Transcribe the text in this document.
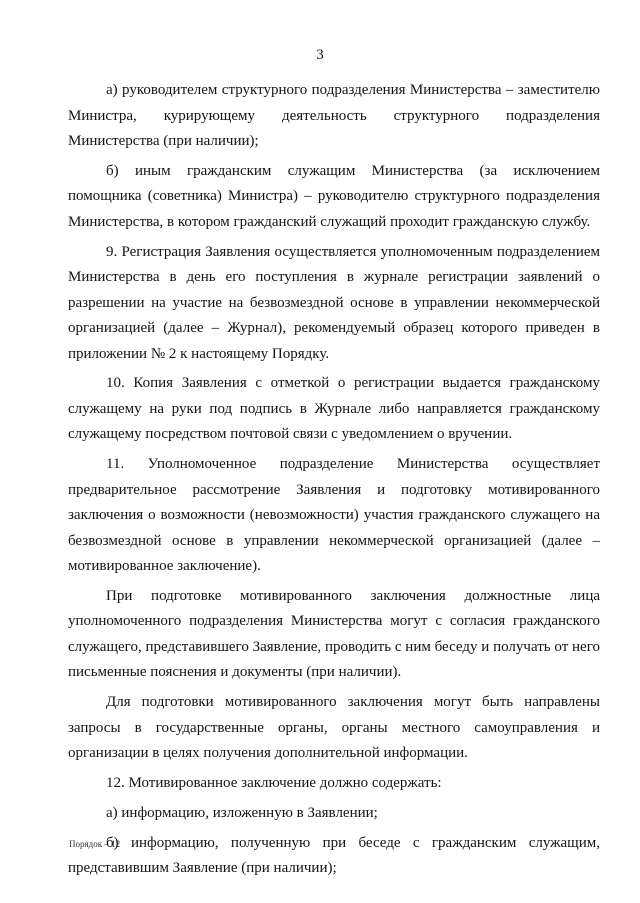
3

а) руководителем структурного подразделения Министерства – заместителю Министра, курирующему деятельность структурного подразделения Министерства (при наличии);

б) иным гражданским служащим Министерства (за исключением помощника (советника) Министра) – руководителю структурного подразделения Министерства, в котором гражданский служащий проходит гражданскую службу.

9. Регистрация Заявления осуществляется уполномоченным подразделением Министерства в день его поступления в журнале регистрации заявлений о разрешении на участие на безвозмездной основе в управлении некоммерческой организацией (далее – Журнал), рекомендуемый образец которого приведен в приложении № 2 к настоящему Порядку.

10. Копия Заявления с отметкой о регистрации выдается гражданскому служащему на руки под подпись в Журнале либо направляется гражданскому служащему посредством почтовой связи с уведомлением о вручении.

11. Уполномоченное подразделение Министерства осуществляет предварительное рассмотрение Заявления и подготовку мотивированного заключения о возможности (невозможности) участия гражданского служащего на безвозмездной основе в управлении некоммерческой организацией (далее – мотивированное заключение).

При подготовке мотивированного заключения должностные лица уполномоченного подразделения Министерства могут с согласия гражданского служащего, представившего Заявление, проводить с ним беседу и получать от него письменные пояснения и документы (при наличии).

Для подготовки мотивированного заключения могут быть направлены запросы в государственные органы, органы местного самоуправления и организации в целях получения дополнительной информации.

12. Мотивированное заключение должно содержать:

а) информацию, изложенную в Заявлении;

б) информацию, полученную при беседе с гражданским служащим, представившим Заявление (при наличии);

Порядок – 12
